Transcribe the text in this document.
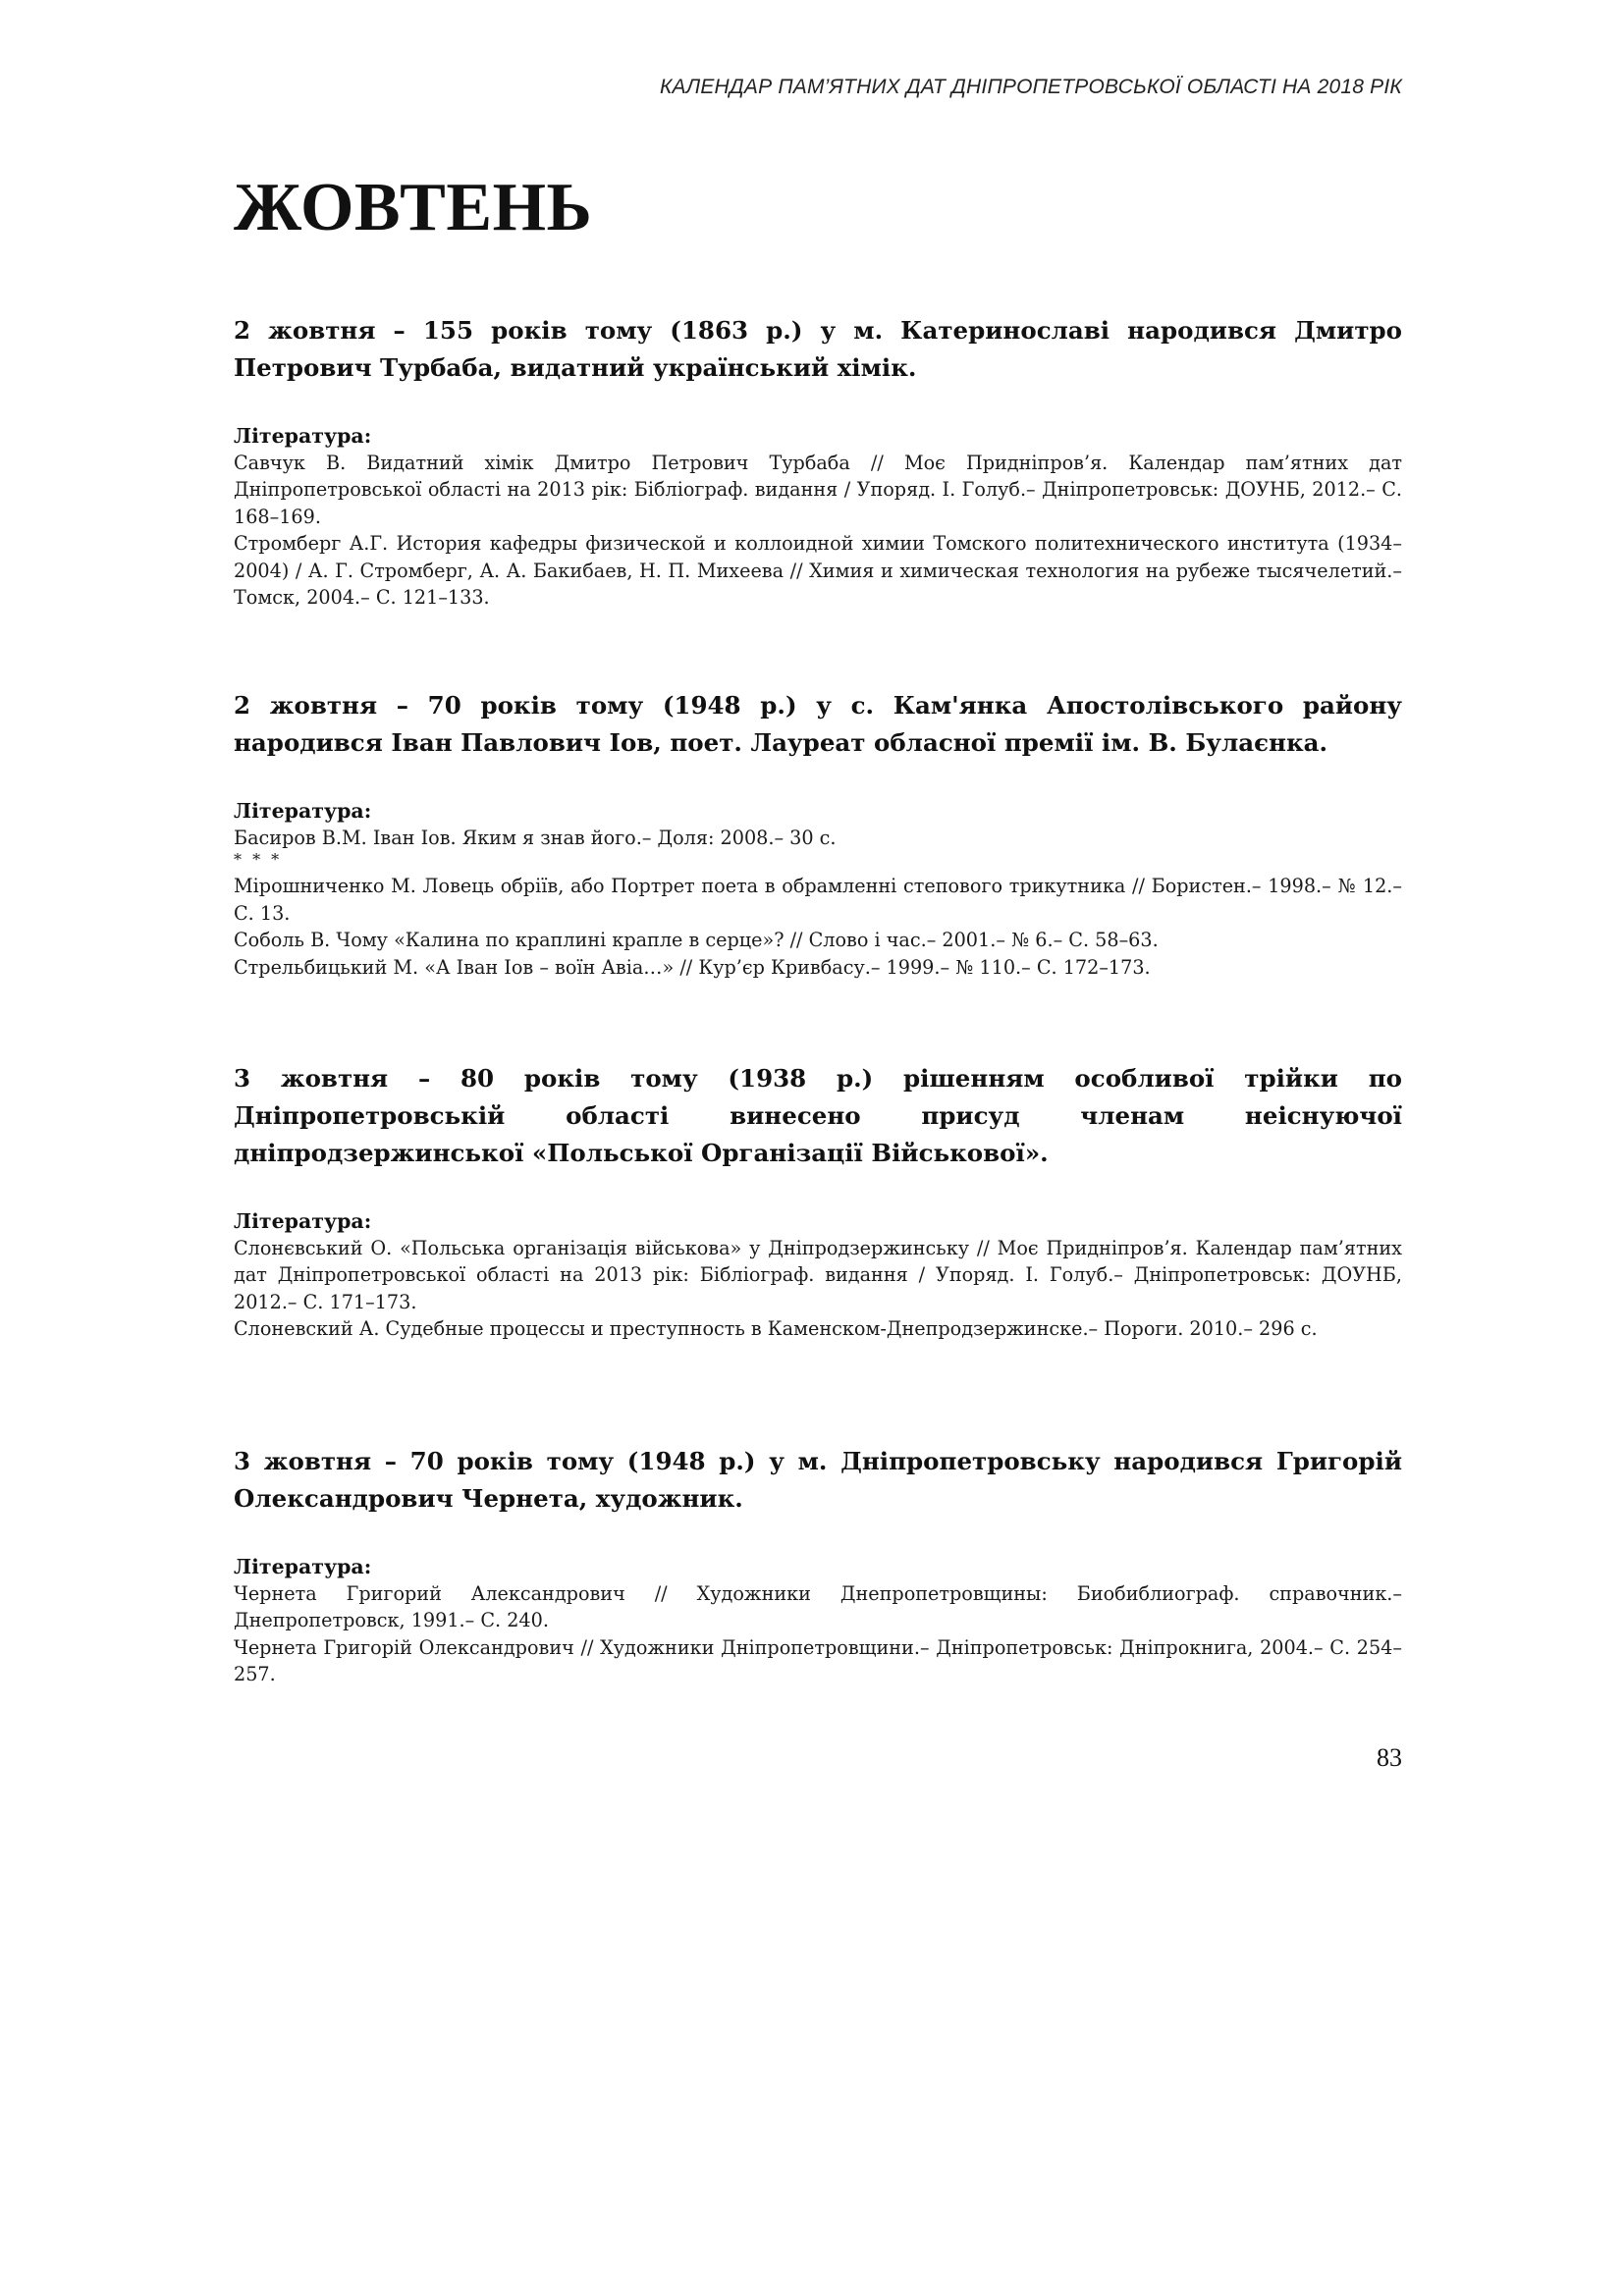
КАЛЕНДАР ПАМ’ЯТНИХ ДАТ ДНІПРОПЕТРОВСЬКОЇ ОБЛАСТІ НА 2018 РІК
ЖОВТЕНЬ

2 жовтня – 155 років тому (1863 р.) у м. Катеринославі народився Дмитро Петрович Турбаба, видатний український хімік.

Література:

Савчук В. Видатний хімік Дмитро Петрович Турбаба // Моє Придніпров’я. Календар пам’ятних дат Дніпропетровської області на 2013 рік: Бібліограф. видання / Упоряд. І. Голуб.– Дніпропетровськ: ДОУНБ, 2012.– С. 168–169.

Стромберг А.Г. История кафедры физической и коллоидной химии Томского политехнического института (1934–2004) / А. Г. Стромберг, А. А. Бакибаев, Н. П. Михеева // Химия и химическая технология на рубеже тысячелетий.– Томск, 2004.– С. 121–133.

2 жовтня – 70 років тому (1948 р.) у с. Кам'янка Апостолівського району народився Іван Павлович Іов, поет. Лауреат обласної премії ім. В. Булаєнка.

Література:

Басиров В.М. Іван Іов. Яким я знав його.– Доля: 2008.– 30 с.

* * *

Мірошниченко М. Ловець обріїв, або Портрет поета в обрамленні степового трикутника // Бористен.– 1998.– № 12.– С. 13.

Соболь В. Чому «Калина по краплині крапле в серце»? // Слово і час.– 2001.– № 6.– С. 58–63.

Стрельбицький М. «А Іван Іов – воїн Авіа…» // Кур’єр Кривбасу.– 1999.– № 110.– С. 172–173.

3 жовтня – 80 років тому (1938 р.) рішенням особливої трійки по Дніпропетровській області винесено присуд членам неіснуючої дніпродзержинської «Польської Організації Військової».

Література:

Слонєвський О. «Польська організація військова» у Дніпродзержинську // Моє Придніпров’я. Календар пам’ятних дат Дніпропетровської області на 2013 рік: Бібліограф. видання / Упоряд. І. Голуб.– Дніпропетровськ: ДОУНБ, 2012.– С. 171–173.

Слоневский А. Судебные процессы и преступность в Каменском-Днепродзержинске.– Пороги. 2010.– 296 с.

3 жовтня – 70 років тому (1948 р.) у м. Дніпропетровську народився Григорій Олександрович Чернета, художник.

Література:

Чернета Григорий Александрович // Художники Днепропетровщины: Биобиблиограф. справочник.– Днепропетровск, 1991.– С. 240.

Чернета Григорій Олександрович // Художники Дніпропетровщини.– Дніпропетровськ: Дніпрокнига, 2004.– С. 254–257.

83
